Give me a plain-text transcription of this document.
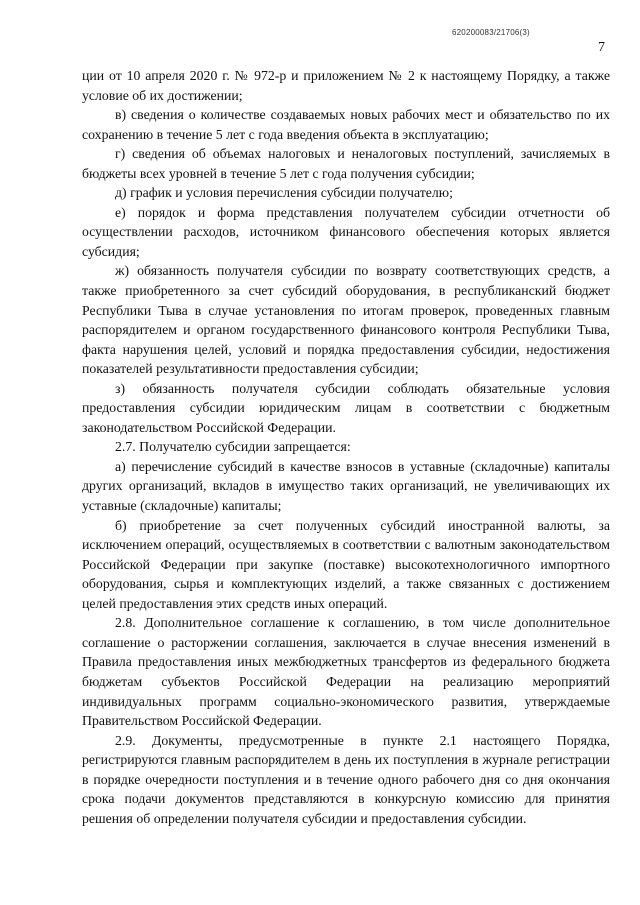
620200083/21706(3)
7

ции от 10 апреля 2020 г. № 972-р и приложением № 2 к настоящему Порядку, а также условие об их достижении;

в) сведения о количестве создаваемых новых рабочих мест и обязательство по их сохранению в течение 5 лет с года введения объекта в эксплуатацию;

г) сведения об объемах налоговых и неналоговых поступлений, зачисляемых в бюджеты всех уровней в течение 5 лет с года получения субсидии;

д) график и условия перечисления субсидии получателю;

е) порядок и форма представления получателем субсидии отчетности об осуществлении расходов, источником финансового обеспечения которых является субсидия;

ж) обязанность получателя субсидии по возврату соответствующих средств, а также приобретенного за счет субсидий оборудования, в республиканский бюджет Республики Тыва в случае установления по итогам проверок, проведенных главным распорядителем и органом государственного финансового контроля Республики Тыва, факта нарушения целей, условий и порядка предоставления субсидии, недостижения показателей результативности предоставления субсидии;

з) обязанность получателя субсидии соблюдать обязательные условия предоставления субсидии юридическим лицам в соответствии с бюджетным законодательством Российской Федерации.

2.7. Получателю субсидии запрещается:

а) перечисление субсидий в качестве взносов в уставные (складочные) капиталы других организаций, вкладов в имущество таких организаций, не увеличивающих их уставные (складочные) капиталы;

б) приобретение за счет полученных субсидий иностранной валюты, за исключением операций, осуществляемых в соответствии с валютным законодательством Российской Федерации при закупке (поставке) высокотехнологичного импортного оборудования, сырья и комплектующих изделий, а также связанных с достижением целей предоставления этих средств иных операций.

2.8. Дополнительное соглашение к соглашению, в том числе дополнительное соглашение о расторжении соглашения, заключается в случае внесения изменений в Правила предоставления иных межбюджетных трансфертов из федерального бюджета бюджетам субъектов Российской Федерации на реализацию мероприятий индивидуальных программ социально-экономического развития, утверждаемые Правительством Российской Федерации.

2.9. Документы, предусмотренные в пункте 2.1 настоящего Порядка, регистрируются главным распорядителем в день их поступления в журнале регистрации в порядке очередности поступления и в течение одного рабочего дня со дня окончания срока подачи документов представляются в конкурсную комиссию для принятия решения об определении получателя субсидии и предоставления субсидии.
